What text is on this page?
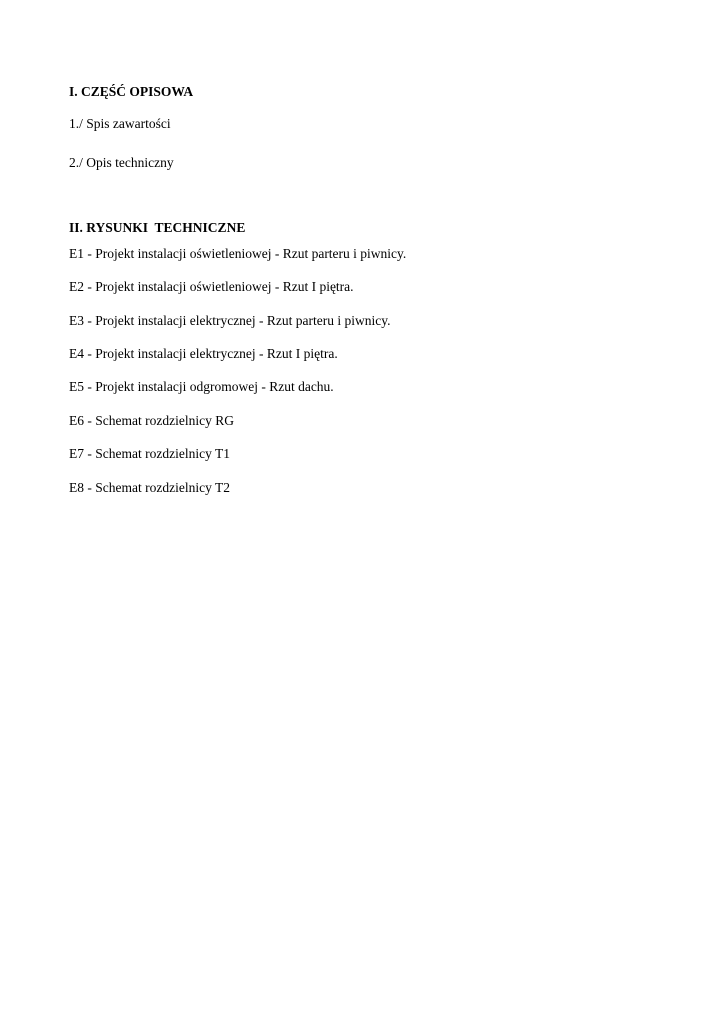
I. CZĘŚĆ OPISOWA
1./ Spis zawartości
2./ Opis techniczny
II. RYSUNKI  TECHNICZNE
E1 - Projekt instalacji oświetleniowej - Rzut parteru i piwnicy.
E2 - Projekt instalacji oświetleniowej - Rzut I piętra.
E3 - Projekt instalacji elektrycznej - Rzut parteru i piwnicy.
E4 - Projekt instalacji elektrycznej - Rzut I piętra.
E5 - Projekt instalacji odgromowej - Rzut dachu.
E6 - Schemat rozdzielnicy RG
E7 - Schemat rozdzielnicy T1
E8 - Schemat rozdzielnicy T2
